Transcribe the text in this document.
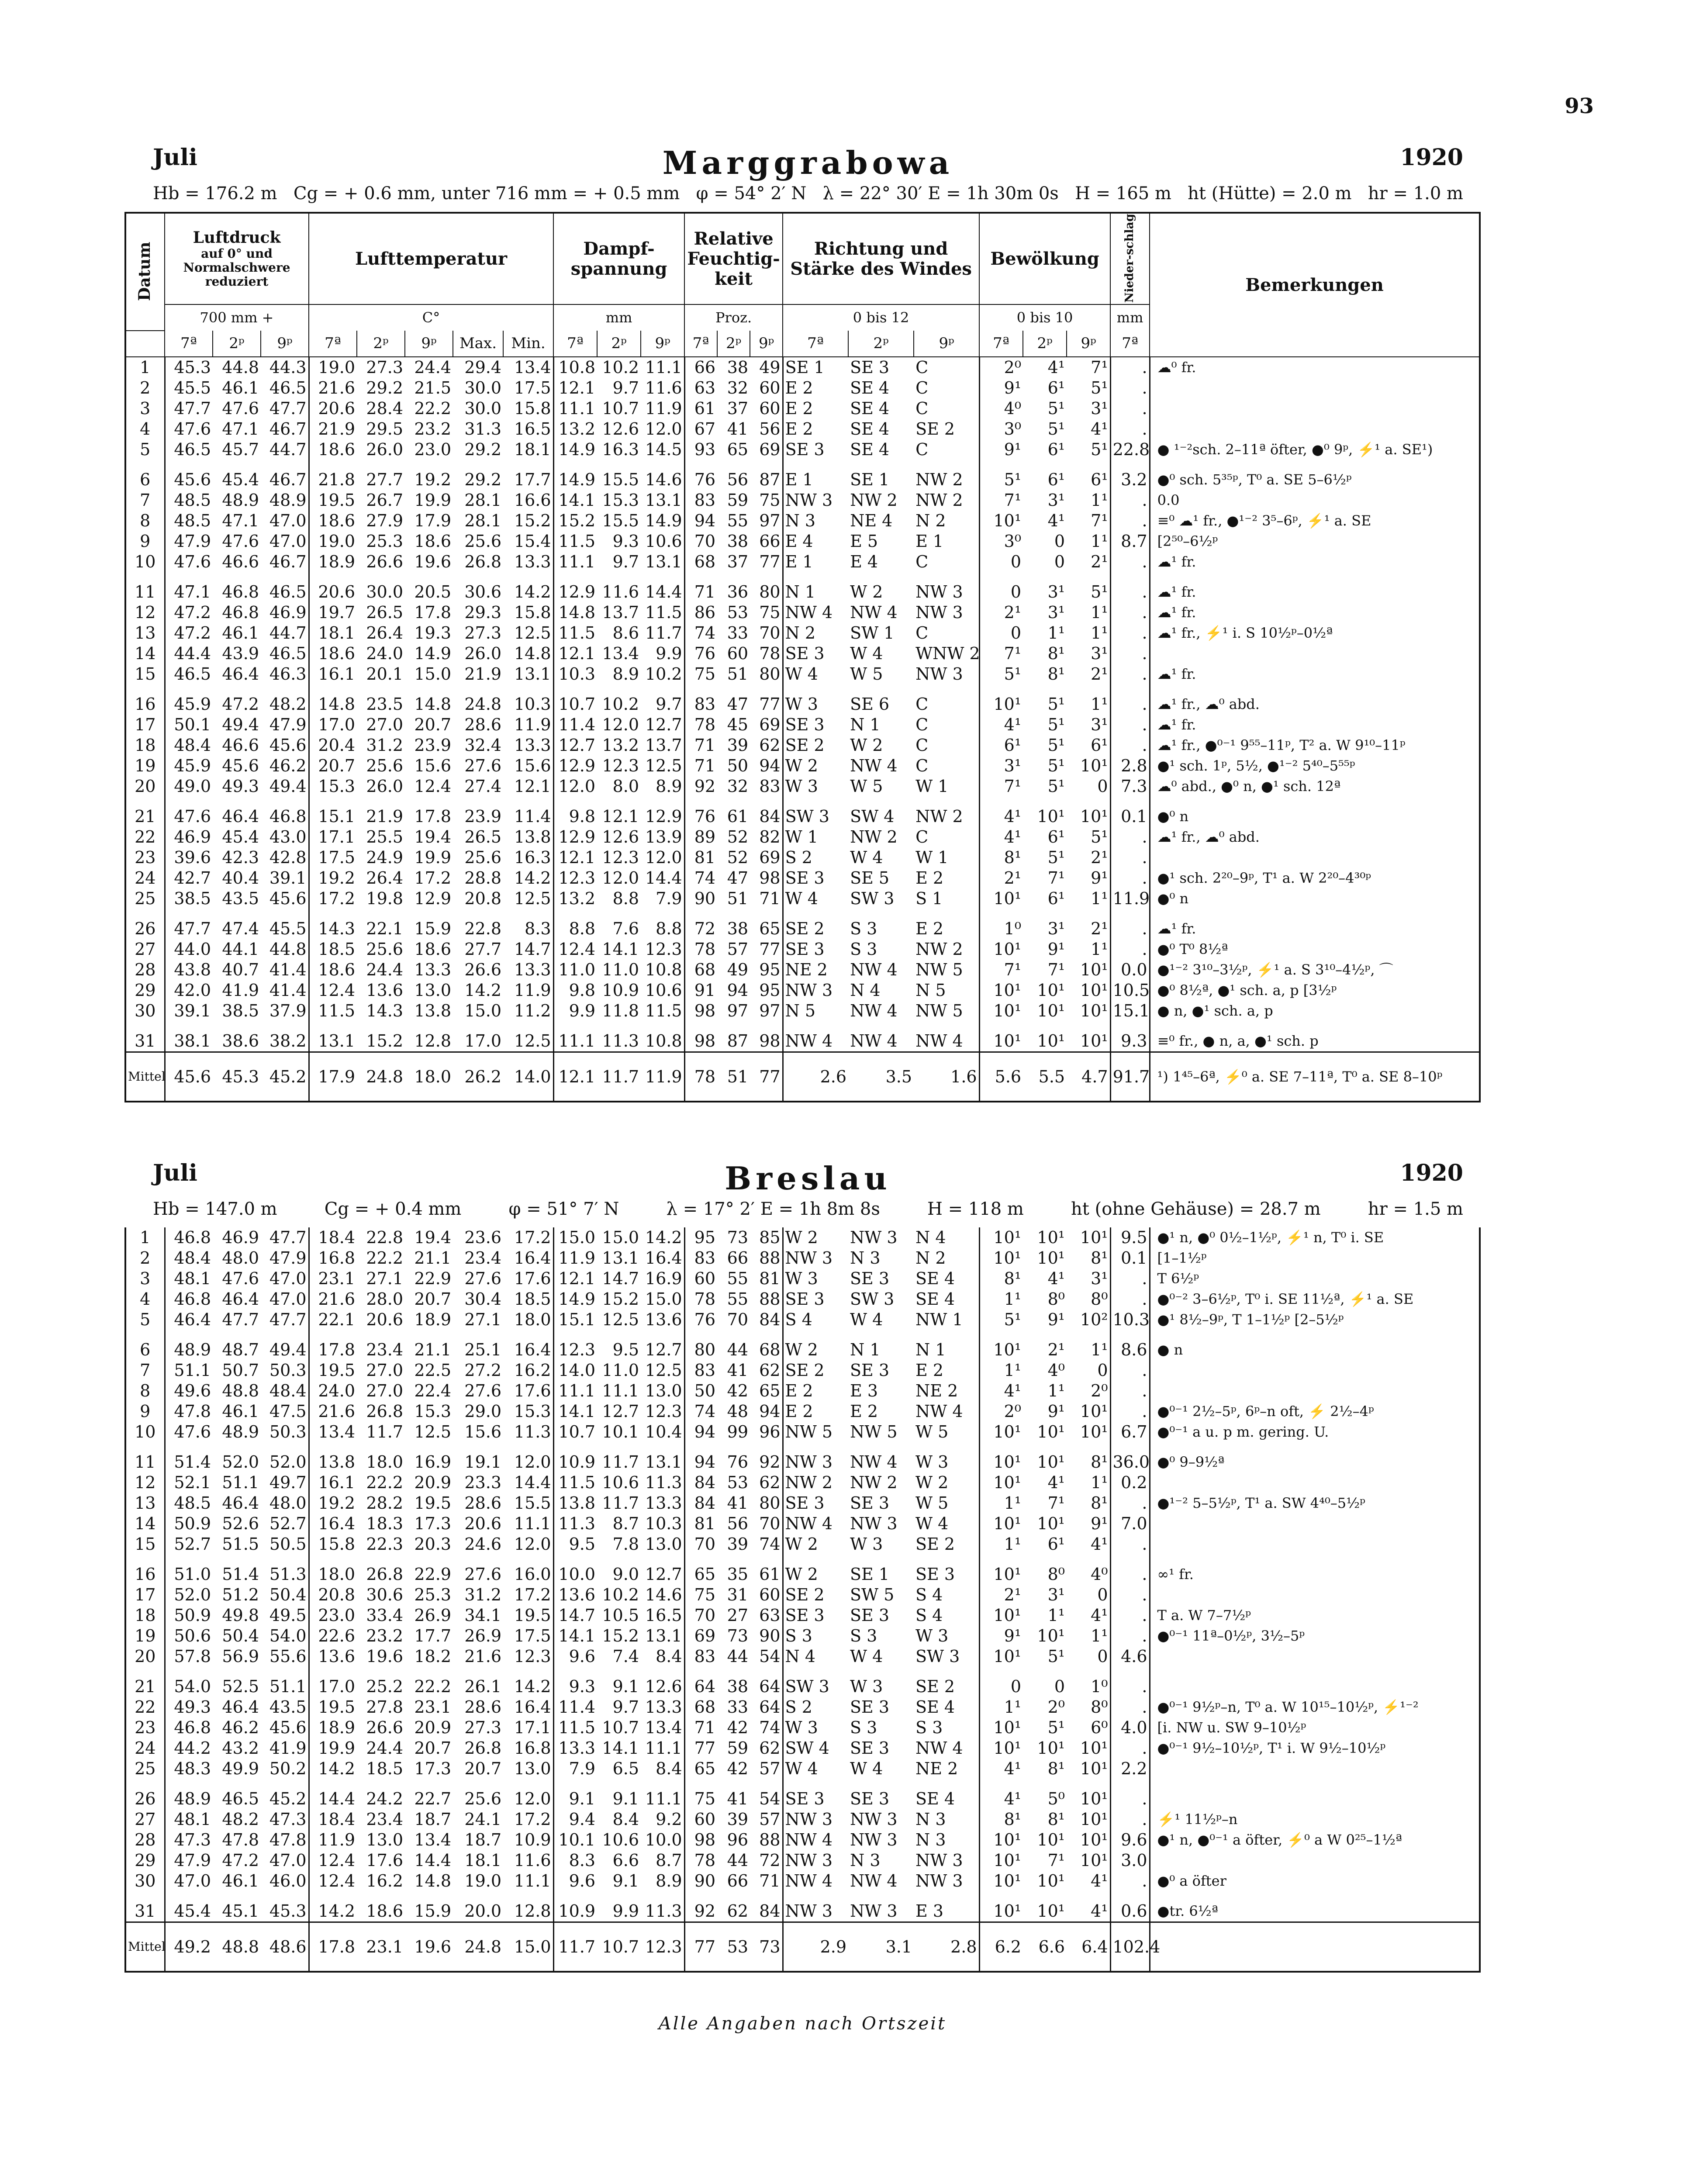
93
Juli	Marggrabowa	1920
Hb = 176.2 m Cg = + 0.6 mm, unter 716 mm = + 0.5 mm φ = 54° 2′ N λ = 22° 30′ E = 1h 30m 0s H = 165 m ht (Hütte) = 2.0 m hr = 1.0 m
Datum	Luftdruck
auf 0° und Normalschwere reduziert			Lufttemperatur					Dampf-spannung			Relative Feuchtig-keit			Richtung und Stärke des Windes			Bewölkung			Nieder-schlag	Bemerkungen
	700 mm +			C°					mm			Proz.			0 bis 12			0 bis 10			mm	
	7ª	2ᵖ	9ᵖ	7ª	2ᵖ	9ᵖ	Max.	Min.	7ª	2ᵖ	9ᵖ	7ª	2ᵖ	9ᵖ	7ª	2ᵖ	9ᵖ	7ª	2ᵖ	9ᵖ	7ª	
1	45.3	44.8	44.3	19.0	27.3	24.4	29.4	13.4	10.8	10.2	11.1	66	38	49	SE 1	SE 3	C	2⁰	4¹	7¹	.	☁⁰ fr.
2	45.5	46.1	46.5	21.6	29.2	21.5	30.0	17.5	12.1	9.7	11.6	63	32	60	E 2	SE 4	C	9¹	6¹	5¹	.	
3	47.7	47.6	47.7	20.6	28.4	22.2	30.0	15.8	11.1	10.7	11.9	61	37	60	E 2	SE 4	C	4⁰	5¹	3¹	.	
4	47.6	47.1	46.7	21.9	29.5	23.2	31.3	16.5	13.2	12.6	12.0	67	41	56	E 2	SE 4	SE 2	3⁰	5¹	4¹	.	
5	46.5	45.7	44.7	18.6	26.0	23.0	29.2	18.1	14.9	16.3	14.5	93	65	69	SE 3	SE 4	C	9¹	6¹	5¹	22.8	● ¹⁻²sch. 2–11ª öfter, ●⁰ 9ᵖ, ⚡¹ a. SE¹)
6	45.6	45.4	46.7	21.8	27.7	19.2	29.2	17.7	14.9	15.5	14.6	76	56	87	E 1	SE 1	NW 2	5¹	6¹	6¹	3.2	●⁰ sch. 5³⁵ᵖ, T⁰ a. SE 5–6½ᵖ
7	48.5	48.9	48.9	19.5	26.7	19.9	28.1	16.6	14.1	15.3	13.1	83	59	75	NW 3	NW 2	NW 2	7¹	3¹	1¹	.	0.0
8	48.5	47.1	47.0	18.6	27.9	17.9	28.1	15.2	15.2	15.5	14.9	94	55	97	N 3	NE 4	N 2	10¹	4¹	7¹	.	≡⁰ ☁¹ fr., ●¹⁻² 3⁵–6ᵖ, ⚡¹ a. SE
9	47.9	47.6	47.0	19.0	25.3	18.6	25.6	15.4	11.5	9.3	10.6	70	38	66	E 4	E 5	E 1	3⁰	0	1¹	8.7	[2⁵⁰–6½ᵖ
10	47.6	46.6	46.7	18.9	26.6	19.6	26.8	13.3	11.1	9.7	13.1	68	37	77	E 1	E 4	C	0	0	2¹	.	☁¹ fr.
11	47.1	46.8	46.5	20.6	30.0	20.5	30.6	14.2	12.9	11.6	14.4	71	36	80	N 1	W 2	NW 3	0	3¹	5¹	.	☁¹ fr.
12	47.2	46.8	46.9	19.7	26.5	17.8	29.3	15.8	14.8	13.7	11.5	86	53	75	NW 4	NW 4	NW 3	2¹	3¹	1¹	.	☁¹ fr.
13	47.2	46.1	44.7	18.1	26.4	19.3	27.3	12.5	11.5	8.6	11.7	74	33	70	N 2	SW 1	C	0	1¹	1¹	.	☁¹ fr., ⚡¹ i. S 10½ᵖ–0½ª
14	44.4	43.9	46.5	18.6	24.0	14.9	26.0	14.8	12.1	13.4	9.9	76	60	78	SE 3	W 4	WNW 2	7¹	8¹	3¹	.	
15	46.5	46.4	46.3	16.1	20.1	15.0	21.9	13.1	10.3	8.9	10.2	75	51	80	W 4	W 5	NW 3	5¹	8¹	2¹	.	☁¹ fr.
16	45.9	47.2	48.2	14.8	23.5	14.8	24.8	10.3	10.7	10.2	9.7	83	47	77	W 3	SE 6	C	10¹	5¹	1¹	.	☁¹ fr., ☁⁰ abd.
17	50.1	49.4	47.9	17.0	27.0	20.7	28.6	11.9	11.4	12.0	12.7	78	45	69	SE 3	N 1	C	4¹	5¹	3¹	.	☁¹ fr.
18	48.4	46.6	45.6	20.4	31.2	23.9	32.4	13.3	12.7	13.2	13.7	71	39	62	SE 2	W 2	C	6¹	5¹	6¹	.	☁¹ fr., ●⁰⁻¹ 9⁵⁵–11ᵖ, T² a. W 9¹⁰–11ᵖ
19	45.9	45.6	46.2	20.7	25.6	15.6	27.6	15.6	12.9	12.3	12.5	71	50	94	W 2	NW 4	C	3¹	5¹	10¹	2.8	●¹ sch. 1ᵖ, 5½, ●¹⁻² 5⁴⁰–5⁵⁵ᵖ
20	49.0	49.3	49.4	15.3	26.0	12.4	27.4	12.1	12.0	8.0	8.9	92	32	83	W 3	W 5	W 1	7¹	5¹	0	7.3	☁⁰ abd., ●⁰ n, ●¹ sch. 12ª
21	47.6	46.4	46.8	15.1	21.9	17.8	23.9	11.4	9.8	12.1	12.9	76	61	84	SW 3	SW 4	NW 2	4¹	10¹	10¹	0.1	●⁰ n
22	46.9	45.4	43.0	17.1	25.5	19.4	26.5	13.8	12.9	12.6	13.9	89	52	82	W 1	NW 2	C	4¹	6¹	5¹	.	☁¹ fr., ☁⁰ abd.
23	39.6	42.3	42.8	17.5	24.9	19.9	25.6	16.3	12.1	12.3	12.0	81	52	69	S 2	W 4	W 1	8¹	5¹	2¹	.	
24	42.7	40.4	39.1	19.2	26.4	17.2	28.8	14.2	12.3	12.0	14.4	74	47	98	SE 3	SE 5	E 2	2¹	7¹	9¹	.	●¹ sch. 2²⁰–9ᵖ, T¹ a. W 2²⁰–4³⁰ᵖ
25	38.5	43.5	45.6	17.2	19.8	12.9	20.8	12.5	13.2	8.8	7.9	90	51	71	W 4	SW 3	S 1	10¹	6¹	1¹	11.9	●⁰ n
26	47.7	47.4	45.5	14.3	22.1	15.9	22.8	8.3	8.8	7.6	8.8	72	38	65	SE 2	S 3	E 2	1⁰	3¹	2¹	.	☁¹ fr.
27	44.0	44.1	44.8	18.5	25.6	18.6	27.7	14.7	12.4	14.1	12.3	78	57	77	SE 3	S 3	NW 2	10¹	9¹	1¹	.	●⁰ T⁰ 8½ª
28	43.8	40.7	41.4	18.6	24.4	13.3	26.6	13.3	11.0	11.0	10.8	68	49	95	NE 2	NW 4	NW 5	7¹	7¹	10¹	0.0	●¹⁻² 3¹⁰–3½ᵖ, ⚡¹ a. S 3¹⁰–4½ᵖ, ⌒
29	42.0	41.9	41.4	12.4	13.6	13.0	14.2	11.9	9.8	10.9	10.6	91	94	95	NW 3	N 4	N 5	10¹	10¹	10¹	10.5	●⁰ 8½ª, ●¹ sch. a, p [3½ᵖ
30	39.1	38.5	37.9	11.5	14.3	13.8	15.0	11.2	9.9	11.8	11.5	98	97	97	N 5	NW 4	NW 5	10¹	10¹	10¹	15.1	● n, ●¹ sch. a, p
31	38.1	38.6	38.2	13.1	15.2	12.8	17.0	12.5	11.1	11.3	10.8	98	87	98	NW 4	NW 4	NW 4	10¹	10¹	10¹	9.3	≡⁰ fr., ● n, a, ●¹ sch. p
Mittel	45.6	45.3	45.2	17.9	24.8	18.0	26.2	14.0	12.1	11.7	11.9	78	51	77	2.6	3.5	1.6	5.6	5.5	4.7	91.7	¹) 1⁴⁵–6ª, ⚡⁰ a. SE 7–11ª, T⁰ a. SE 8–10ᵖ
Juli	Breslau	1920
Hb = 147.0 m	Cg = + 0.4 mm	φ = 51° 7′ N	λ = 17° 2′ E = 1h 8m 8s	H = 118 m	ht (ohne Gehäuse) = 28.7 m	hr = 1.5 m
1	46.8	46.9	47.7	18.4	22.8	19.4	23.6	17.2	15.0	15.0	14.2	95	73	85	W 2	NW 3	N 4	10¹	10¹	10¹	9.5	●¹ n, ●⁰ 0½–1½ᵖ, ⚡¹ n, T⁰ i. SE
2	48.4	48.0	47.9	16.8	22.2	21.1	23.4	16.4	11.9	13.1	16.4	83	66	88	NW 3	N 3	N 2	10¹	10¹	8¹	0.1	[1–1½ᵖ
3	48.1	47.6	47.0	23.1	27.1	22.9	27.6	17.6	12.1	14.7	16.9	60	55	81	W 3	SE 3	SE 4	8¹	4¹	3¹	.	T 6½ᵖ
4	46.8	46.4	47.0	21.6	28.0	20.7	30.4	18.5	14.9	15.2	15.0	78	55	88	SE 3	SW 3	SE 4	1¹	8⁰	8⁰	.	●⁰⁻² 3–6½ᵖ, T⁰ i. SE 11½ª, ⚡¹ a. SE
5	46.4	47.7	47.7	22.1	20.6	18.9	27.1	18.0	15.1	12.5	13.6	76	70	84	S 4	W 4	NW 1	5¹	9¹	10²	10.3	●¹ 8½–9ᵖ, T 1–1½ᵖ [2–5½ᵖ
6	48.9	48.7	49.4	17.8	23.4	21.1	25.1	16.4	12.3	9.5	12.7	80	44	68	W 2	N 1	N 1	10¹	2¹	1¹	8.6	● n
7	51.1	50.7	50.3	19.5	27.0	22.5	27.2	16.2	14.0	11.0	12.5	83	41	62	SE 2	SE 3	E 2	1¹	4⁰	0	.	
8	49.6	48.8	48.4	24.0	27.0	22.4	27.6	17.6	11.1	11.1	13.0	50	42	65	E 2	E 3	NE 2	4¹	1¹	2⁰	.	
9	47.8	46.1	47.5	21.6	26.8	15.3	29.0	15.3	14.1	12.7	12.3	74	48	94	E 2	E 2	NW 4	2⁰	9¹	10¹	.	●⁰⁻¹ 2½–5ᵖ, 6ᵖ–n oft, ⚡ 2½–4ᵖ
10	47.6	48.9	50.3	13.4	11.7	12.5	15.6	11.3	10.7	10.1	10.4	94	99	96	NW 5	NW 5	W 5	10¹	10¹	10¹	6.7	●⁰⁻¹ a u. p m. gering. U.
11	51.4	52.0	52.0	13.8	18.0	16.9	19.1	12.0	10.9	11.7	13.1	94	76	92	NW 3	NW 4	W 3	10¹	10¹	8¹	36.0	●⁰ 9–9½ª
12	52.1	51.1	49.7	16.1	22.2	20.9	23.3	14.4	11.5	10.6	11.3	84	53	62	NW 2	NW 2	W 2	10¹	4¹	1¹	0.2	
13	48.5	46.4	48.0	19.2	28.2	19.5	28.6	15.5	13.8	11.7	13.3	84	41	80	SE 3	SE 3	W 5	1¹	7¹	8¹	.	●¹⁻² 5–5½ᵖ, T¹ a. SW 4⁴⁰–5½ᵖ
14	50.9	52.6	52.7	16.4	18.3	17.3	20.6	11.1	11.3	8.7	10.3	81	56	70	NW 4	NW 3	W 4	10¹	10¹	9¹	7.0	
15	52.7	51.5	50.5	15.8	22.3	20.3	24.6	12.0	9.5	7.8	13.0	70	39	74	W 2	W 3	SE 2	1¹	6¹	4¹	.	
16	51.0	51.4	51.3	18.0	26.8	22.9	27.6	16.0	10.0	9.0	12.7	65	35	61	W 2	SE 1	SE 3	10¹	8⁰	4⁰	.	∞¹ fr.
17	52.0	51.2	50.4	20.8	30.6	25.3	31.2	17.2	13.6	10.2	14.6	75	31	60	SE 2	SW 5	S 4	2¹	3¹	0	.	
18	50.9	49.8	49.5	23.0	33.4	26.9	34.1	19.5	14.7	10.5	16.5	70	27	63	SE 3	SE 3	S 4	10¹	1¹	4¹	.	T a. W 7–7½ᵖ
19	50.6	50.4	54.0	22.6	23.2	17.7	26.9	17.5	14.1	15.2	13.1	69	73	90	S 3	S 3	W 3	9¹	10¹	1¹	.	●⁰⁻¹ 11ª–0½ᵖ, 3½–5ᵖ
20	57.8	56.9	55.6	13.6	19.6	18.2	21.6	12.3	9.6	7.4	8.4	83	44	54	N 4	W 4	SW 3	10¹	5¹	0	4.6	
21	54.0	52.5	51.1	17.0	25.2	22.2	26.1	14.2	9.3	9.1	12.6	64	38	64	SW 3	W 3	SE 2	0	0	1⁰	.	
22	49.3	46.4	43.5	19.5	27.8	23.1	28.6	16.4	11.4	9.7	13.3	68	33	64	S 2	SE 3	SE 4	1¹	2⁰	8⁰	.	●⁰⁻¹ 9½ᵖ–n, T⁰ a. W 10¹⁵–10½ᵖ, ⚡¹⁻²
23	46.8	46.2	45.6	18.9	26.6	20.9	27.3	17.1	11.5	10.7	13.4	71	42	74	W 3	S 3	S 3	10¹	5¹	6⁰	4.0	[i. NW u. SW 9–10½ᵖ
24	44.2	43.2	41.9	19.9	24.4	20.7	26.8	16.8	13.3	14.1	11.1	77	59	62	SW 4	SE 3	NW 4	10¹	10¹	10¹	.	●⁰⁻¹ 9½–10½ᵖ, T¹ i. W 9½–10½ᵖ
25	48.3	49.9	50.2	14.2	18.5	17.3	20.7	13.0	7.9	6.5	8.4	65	42	57	W 4	W 4	NE 2	4¹	8¹	10¹	2.2	
26	48.9	46.5	45.2	14.4	24.2	22.7	25.6	12.0	9.1	9.1	11.1	75	41	54	SE 3	SE 3	SE 4	4¹	5⁰	10¹	.	
27	48.1	48.2	47.3	18.4	23.4	18.7	24.1	17.2	9.4	8.4	9.2	60	39	57	NW 3	NW 3	N 3	8¹	8¹	10¹	.	⚡¹ 11½ᵖ–n
28	47.3	47.8	47.8	11.9	13.0	13.4	18.7	10.9	10.1	10.6	10.0	98	96	88	NW 4	NW 3	N 3	10¹	10¹	10¹	9.6	●¹ n, ●⁰⁻¹ a öfter, ⚡⁰ a W 0²⁵–1½ª
29	47.9	47.2	47.0	12.4	17.6	14.4	18.1	11.6	8.3	6.6	8.7	78	44	72	NW 3	N 3	NW 3	10¹	7¹	10¹	3.0	
30	47.0	46.1	46.0	12.4	16.2	14.8	19.0	11.1	9.6	9.1	8.9	90	66	71	NW 4	NW 4	NW 3	10¹	10¹	4¹	.	●⁰ a öfter
31	45.4	45.1	45.3	14.2	18.6	15.9	20.0	12.8	10.9	9.9	11.3	92	62	84	NW 3	NW 3	E 3	10¹	10¹	4¹	0.6	●tr. 6½ª
Mittel	49.2	48.8	48.6	17.8	23.1	19.6	24.8	15.0	11.7	10.7	12.3	77	53	73	2.9	3.1	2.8	6.2	6.6	6.4	102.4	
Alle Angaben nach Ortszeit
